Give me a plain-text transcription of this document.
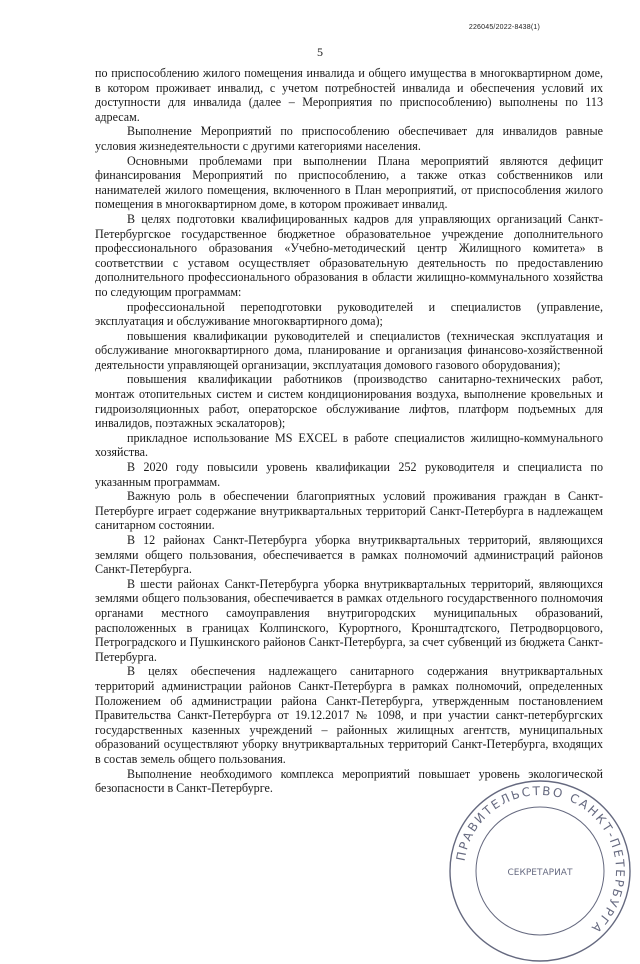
226045/2022-8438(1)
5

по приспособлению жилого помещения инвалида и общего имущества в многоквартирном доме, в котором проживает инвалид, с учетом потребностей инвалида и обеспечения условий их доступности для инвалида (далее – Мероприятия по приспособлению) выполнены по 113 адресам.

Выполнение Мероприятий по приспособлению обеспечивает для инвалидов равные условия жизнедеятельности с другими категориями населения.

Основными проблемами при выполнении Плана мероприятий являются дефицит финансирования Мероприятий по приспособлению, а также отказ собственников или нанимателей жилого помещения, включенного в План мероприятий, от приспособления жилого помещения в многоквартирном доме, в котором проживает инвалид.

В целях подготовки квалифицированных кадров для управляющих организаций Санкт-Петербургское государственное бюджетное образовательное учреждение дополнительного профессионального образования «Учебно-методический центр Жилищного комитета» в соответствии с уставом осуществляет образовательную деятельность по предоставлению дополнительного профессионального образования в области жилищно-коммунального хозяйства по следующим программам:

профессиональной переподготовки руководителей и специалистов (управление, эксплуатация и обслуживание многоквартирного дома);

повышения квалификации руководителей и специалистов (техническая эксплуатация и обслуживание многоквартирного дома, планирование и организация финансово-хозяйственной деятельности управляющей организации, эксплуатация домового газового оборудования);

повышения квалификации работников (производство санитарно-технических работ, монтаж отопительных систем и систем кондиционирования воздуха, выполнение кровельных и гидроизоляционных работ, операторское обслуживание лифтов, платформ подъемных для инвалидов, поэтажных эскалаторов);

прикладное использование MS EXCEL в работе специалистов жилищно-коммунального хозяйства.

В 2020 году повысили уровень квалификации 252 руководителя и специалиста по указанным программам.

Важную роль в обеспечении благоприятных условий проживания граждан в Санкт-Петербурге играет содержание внутриквартальных территорий Санкт-Петербурга в надлежащем санитарном состоянии.

В 12 районах Санкт-Петербурга уборка внутриквартальных территорий, являющихся землями общего пользования, обеспечивается в рамках полномочий администраций районов Санкт-Петербурга.

В шести районах Санкт-Петербурга уборка внутриквартальных территорий, являющихся землями общего пользования, обеспечивается в рамках отдельного государственного полномочия органами местного самоуправления внутригородских муниципальных образований, расположенных в границах Колпинского, Курортного, Кронштадтского, Петродворцового, Петроградского и Пушкинского районов Санкт-Петербурга, за счет субвенций из бюджета Санкт-Петербурга.

В целях обеспечения надлежащего санитарного содержания внутриквартальных территорий администрации районов Санкт-Петербурга в рамках полномочий, определенных Положением об администрации района Санкт-Петербурга, утвержденным постановлением Правительства Санкт-Петербурга от 19.12.2017 № 1098, и при участии санкт-петербургских государственных казенных учреждений – районных жилищных агентств, муниципальных образований осуществляют уборку внутриквартальных территорий Санкт-Петербурга, входящих в состав земель общего пользования.

Выполнение необходимого комплекса мероприятий повышает уровень экологической безопасности в Санкт-Петербурге.

ПРАВИТЕЛЬСТВО САНКТ-ПЕТЕРБУРГА
СЕКРЕТАРИАТ
